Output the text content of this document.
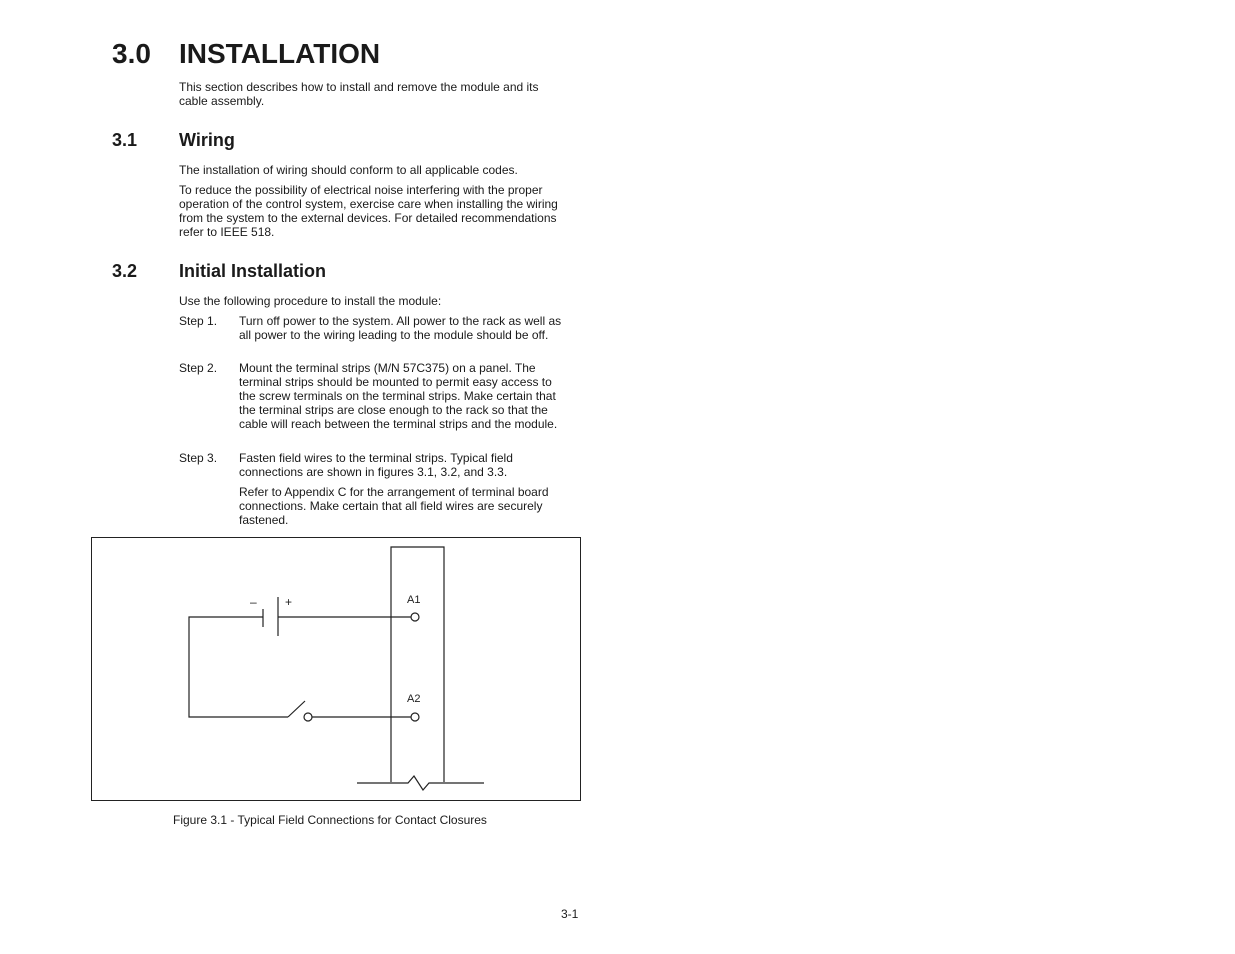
3.0 INSTALLATION
This section describes how to install and remove the module and its cable assembly.
3.1 Wiring
The installation of wiring should conform to all applicable codes.
To reduce the possibility of electrical noise interfering with the proper operation of the control system, exercise care when installing the wiring from the system to the external devices. For detailed recommendations refer to IEEE 518.
3.2 Initial Installation
Use the following procedure to install the module:
Step 1. Turn off power to the system. All power to the rack as well as all power to the wiring leading to the module should be off.
Step 2. Mount the terminal strips (M/N 57C375) on a panel. The terminal strips should be mounted to permit easy access to the screw terminals on the terminal strips. Make certain that the terminal strips are close enough to the rack so that the cable will reach between the terminal strips and the module.
Step 3. Fasten field wires to the terminal strips. Typical field connections are shown in figures 3.1, 3.2, and 3.3.
Refer to Appendix C for the arrangement of terminal board connections. Make certain that all field wires are securely fastened.
– +	A1
A2
Figure 3.1 - Typical Field Connections for Contact Closures
3-1
